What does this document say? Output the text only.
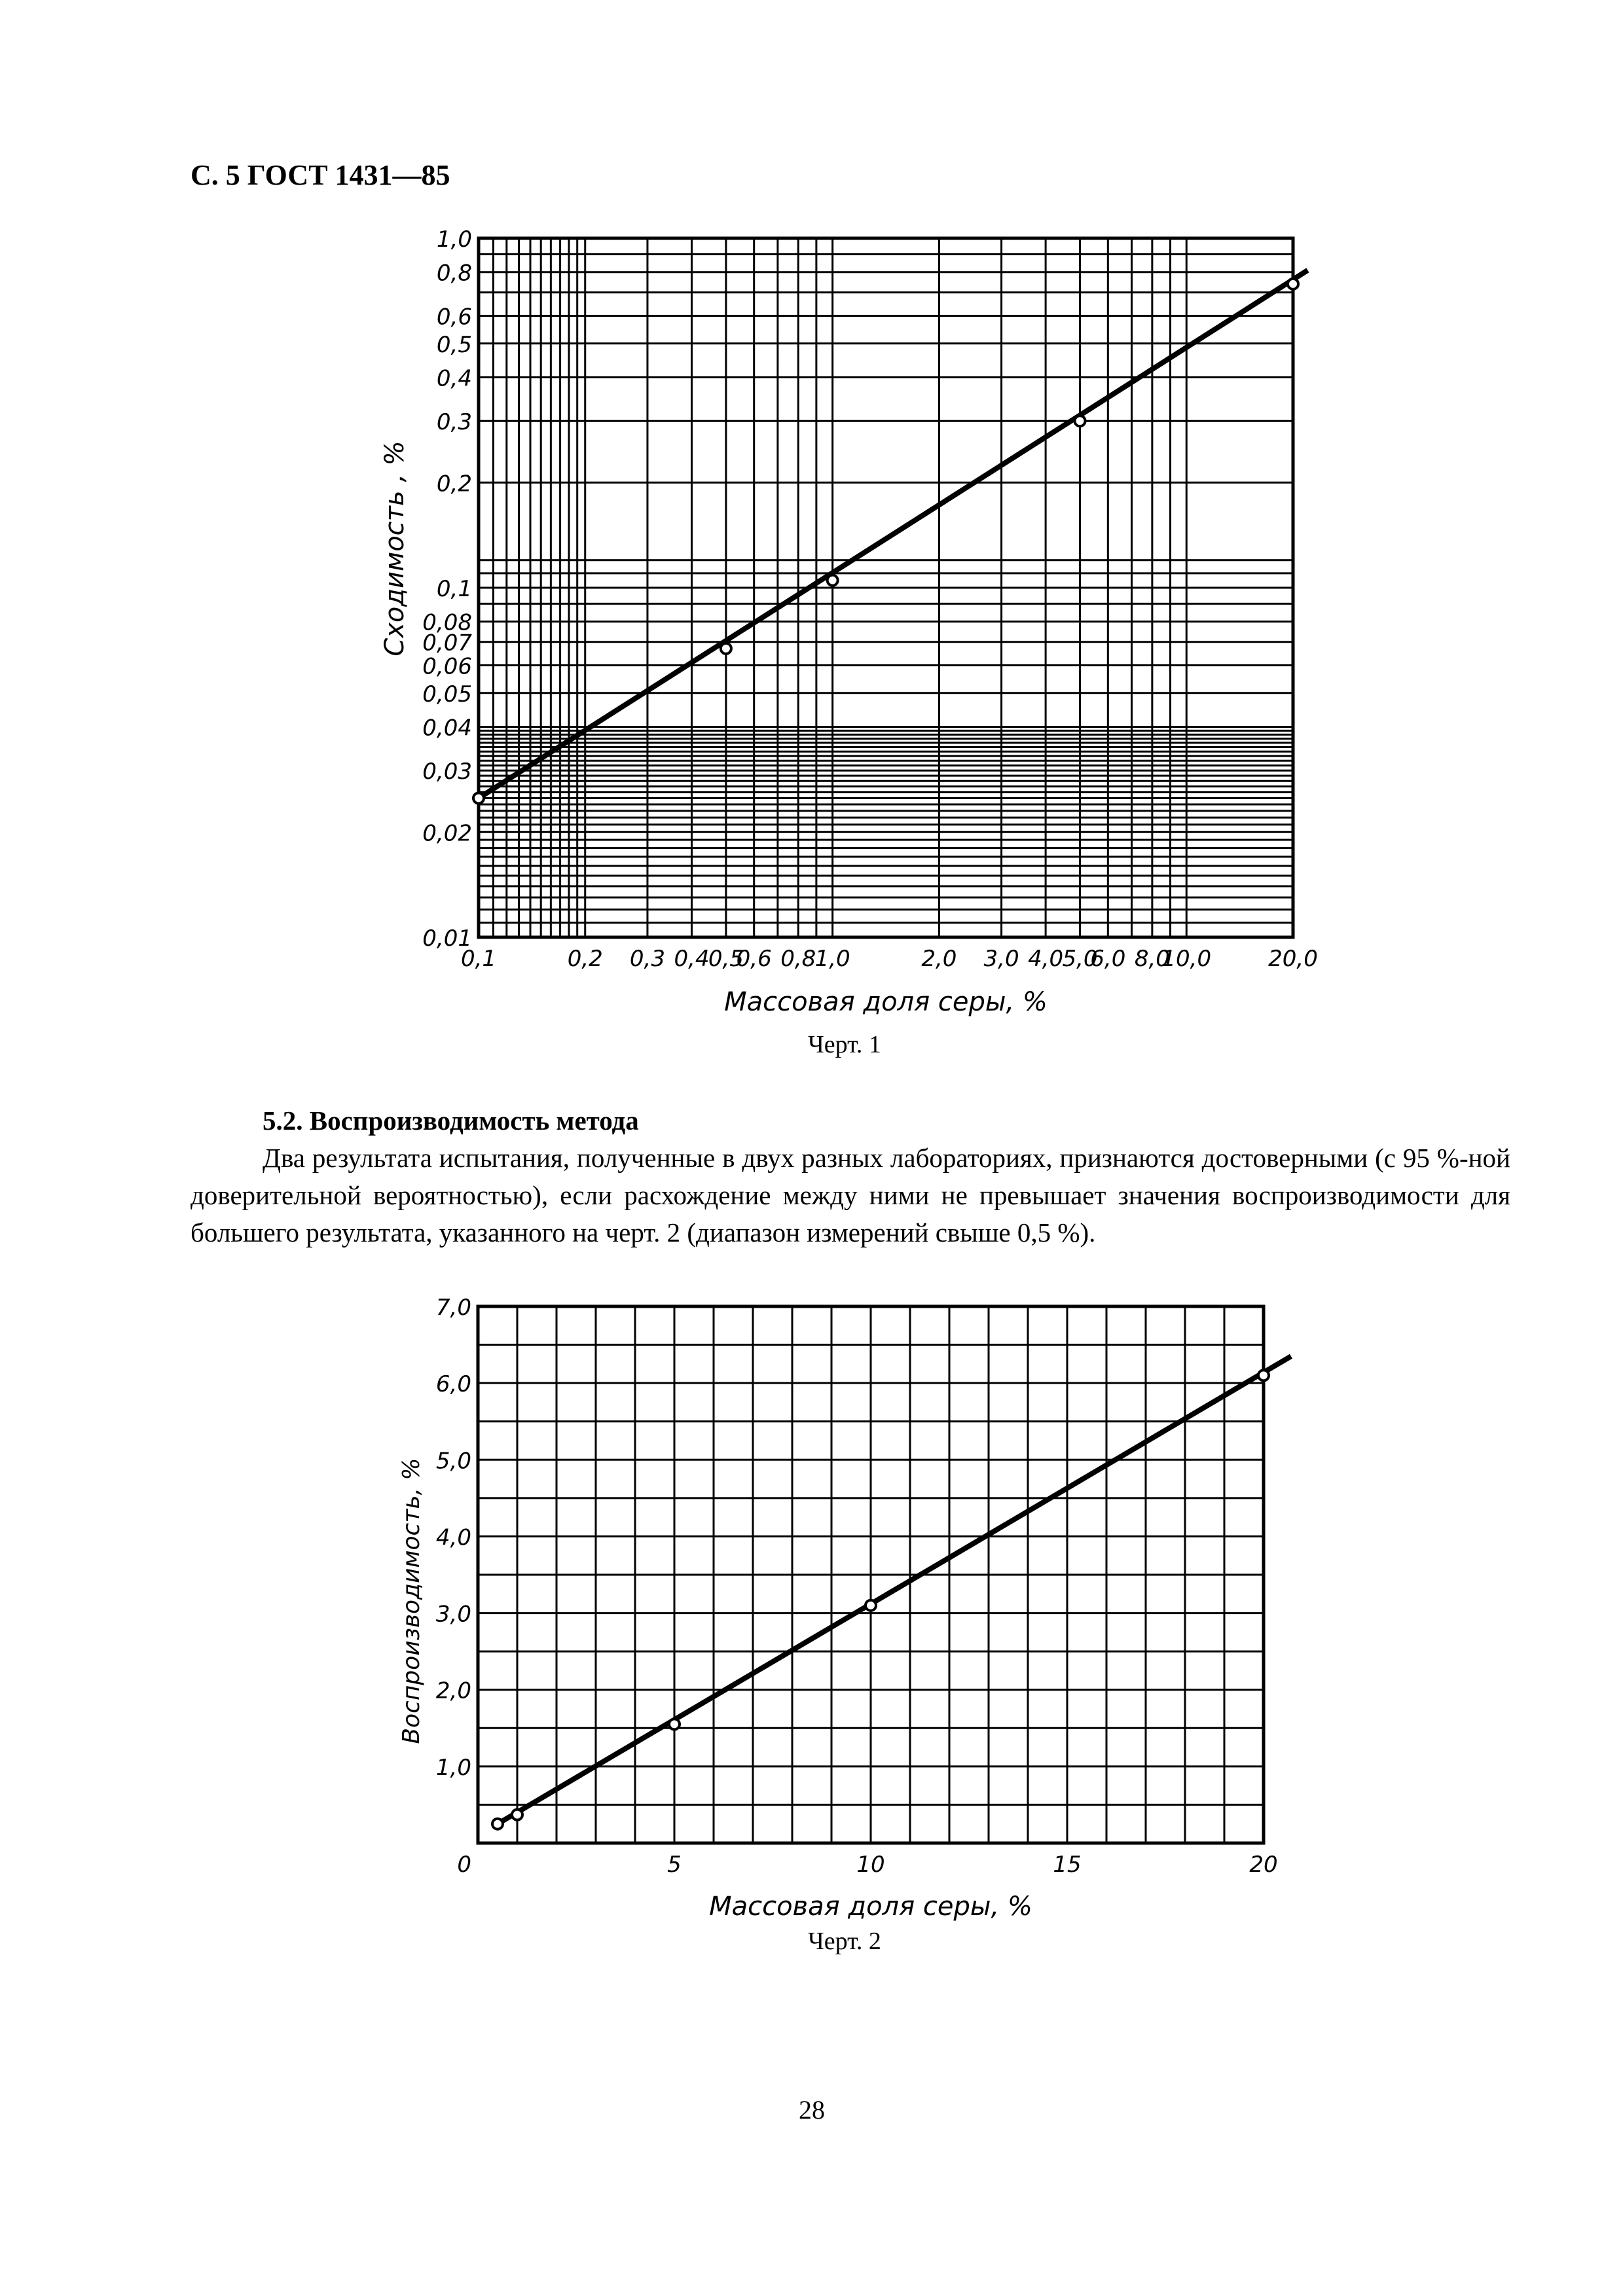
С. 5 ГОСТ 1431—85
1,0
0,8
0,6
0,5
0,4
0,3
0,2
0,1
0,08
0,07
0,06
0,05
0,04
0,03
0,02
0,01
0,1	0,2 0,3 0,4
0,5
0,6 0,8
1,0	2,0 3,0 4,0
5,0
6,0 8,0
10,0	20,0
Массовая доля серы, %
Сходимость , %
Черт. 1
5.2. Воспроизводимость метода
Два результата испытания, полученные в двух разных лабораториях, признаются достоверными (с 95 %-ной доверительной вероятностью), если расхождение между ними не превышает значения воспроизводимости для большего результата, указанного на черт. 2 (диапазон измерений свыше 0,5 %).
1,0
2,0
3,0
4,0
5,0
6,0
7,0
0	5	10	15	20
Массовая доля серы, %
Воспроизводимость, %
Черт. 2
28
